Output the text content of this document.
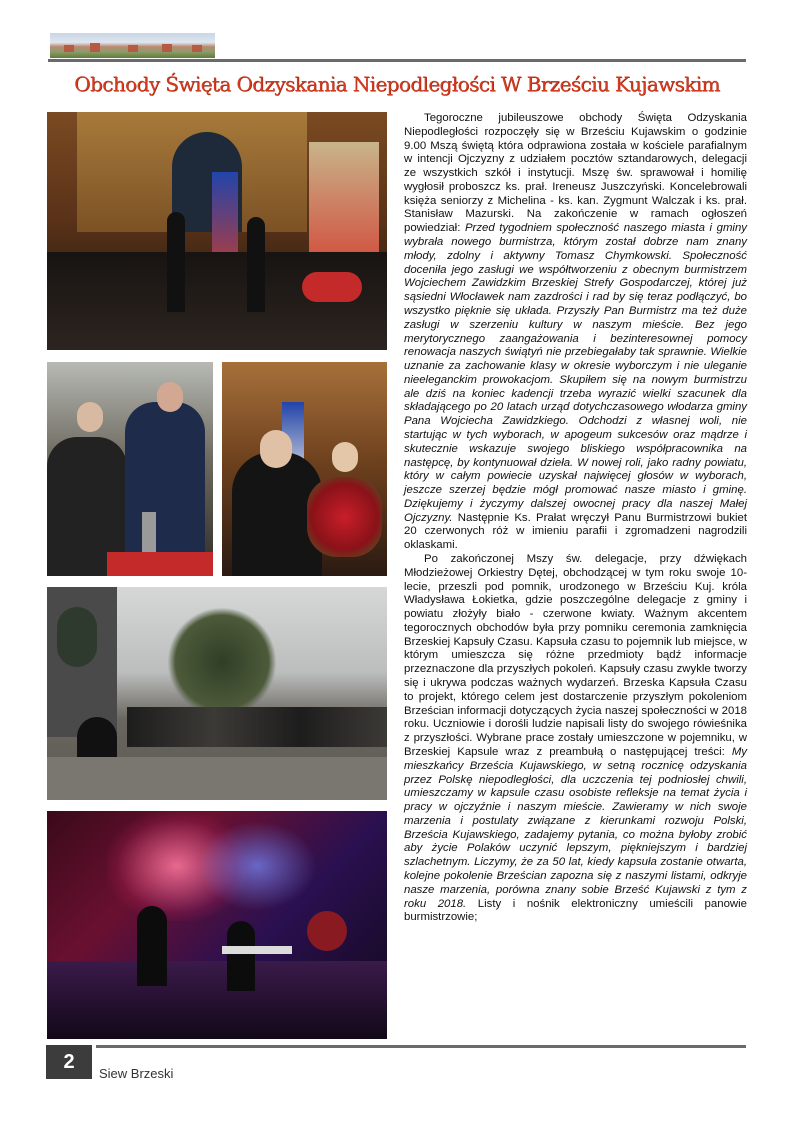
Obchody Święta Odzyskania Niepodległości W Brześciu Kujawskim

Tegoroczne jubileuszowe obchody Święta Odzyskania Niepodległości rozpoczęły się w Brześciu Kujawskim o godzinie 9.00 Mszą świętą która odprawiona została w kościele parafialnym w intencji Ojczyzny z udziałem pocztów sztandarowych, delegacji ze wszystkich szkół i instytucji. Mszę św. sprawował i homilię wygłosił proboszcz ks. prał. Ireneusz Juszczyński. Koncelebrowali księża seniorzy z Michelina - ks. kan. Zygmunt Walczak i ks. prał. Stanisław Mazurski. Na zakończenie w ramach ogłoszeń powiedział: Przed tygodniem społeczność naszego miasta i gminy wybrała nowego burmistrza, którym został dobrze nam znany młody, zdolny i aktywny Tomasz Chymkowski. Społeczność doceniła jego zasługi we współtworzeniu z obecnym burmistrzem Wojciechem Zawidzkim Brzeskiej Strefy Gospodarczej, której już sąsiedni Włocławek nam zazdrości i rad by się teraz podłączyć, bo wszystko pięknie się układa. Przyszły Pan Burmistrz ma też duże zasługi w szerzeniu kultury w naszym mieście. Bez jego merytorycznego zaangażowania i bezinteresownej pomocy renowacja naszych świątyń nie przebiegałaby tak sprawnie. Wielkie uznanie za zachowanie klasy w okresie wyborczym i nie uleganie nieeleganckim prowokacjom. Skupiłem się na nowym burmistrzu ale dziś na koniec kadencji trzeba wyrazić wielki szacunek dla składającego po 20 latach urząd dotychczasowego włodarza gminy Pana Wojciecha Zawidzkiego. Odchodzi z własnej woli, nie startując w tych wyborach, w apogeum sukcesów oraz mądrze i skutecznie wskazuje swojego bliskiego współpracownika na następcę, by kontynuował dzieła. W nowej roli, jako radny powiatu, który w całym powiecie uzyskał najwięcej głosów w wyborach, jeszcze szerzej będzie mógł promować nasze miasto i gminę. Dziękujemy i życzymy dalszej owocnej pracy dla naszej Małej Ojczyzny. Następnie Ks. Prałat wręczył Panu Burmistrzowi bukiet 20 czerwonych róż w imieniu parafii i zgromadzeni nagrodzili oklaskami.

Po zakończonej Mszy św. delegacje, przy dźwiękach Młodzieżowej Orkiestry Dętej, obchodzącej w tym roku swoje 10-lecie, przeszli pod pomnik, urodzonego w Brześciu Kuj. króla Władysława Łokietka, gdzie poszczególne delegacje z gminy i powiatu złożyły biało - czerwone kwiaty. Ważnym akcentem tegorocznych obchodów była przy pomniku ceremonia zamknięcia Brzeskiej Kapsuły Czasu. Kapsuła czasu to pojemnik lub miejsce, w którym umieszcza się różne przedmioty bądź informacje przeznaczone dla przyszłych pokoleń. Kapsuły czasu zwykle tworzy się i ukrywa podczas ważnych wydarzeń. Brzeska Kapsuła Czasu to projekt, którego celem jest dostarczenie przyszłym pokoleniom Brześcian informacji dotyczących życia naszej społeczności w 2018 roku. Uczniowie i dorośli ludzie napisali listy do swojego rówieśnika z przyszłości. Wybrane prace zostały umieszczone w pojemniku, w Brzeskiej Kapsule wraz z preambułą o następującej treści: My mieszkańcy Brześcia Kujawskiego, w setną rocznicę odzyskania przez Polskę niepodległości, dla uczczenia tej podniosłej chwili, umieszczamy w kapsule czasu osobiste refleksje na temat życia i pracy w ojczyźnie i naszym mieście. Zawieramy w nich swoje marzenia i postulaty związane z kierunkami rozwoju Polski, Brześcia Kujawskiego, zadajemy pytania, co można byłoby zrobić aby życie Polaków uczynić lepszym, piękniejszym i bardziej szlachetnym. Liczymy, że za 50 lat, kiedy kapsuła zostanie otwarta, kolejne pokolenie Brześcian zapozna się z naszymi listami, odkryje nasze marzenia, porówna znany sobie Brześć Kujawski z tym z roku 2018. Listy i nośnik elektroniczny umieścili panowie burmistrzowie;

2
Siew Brzeski
